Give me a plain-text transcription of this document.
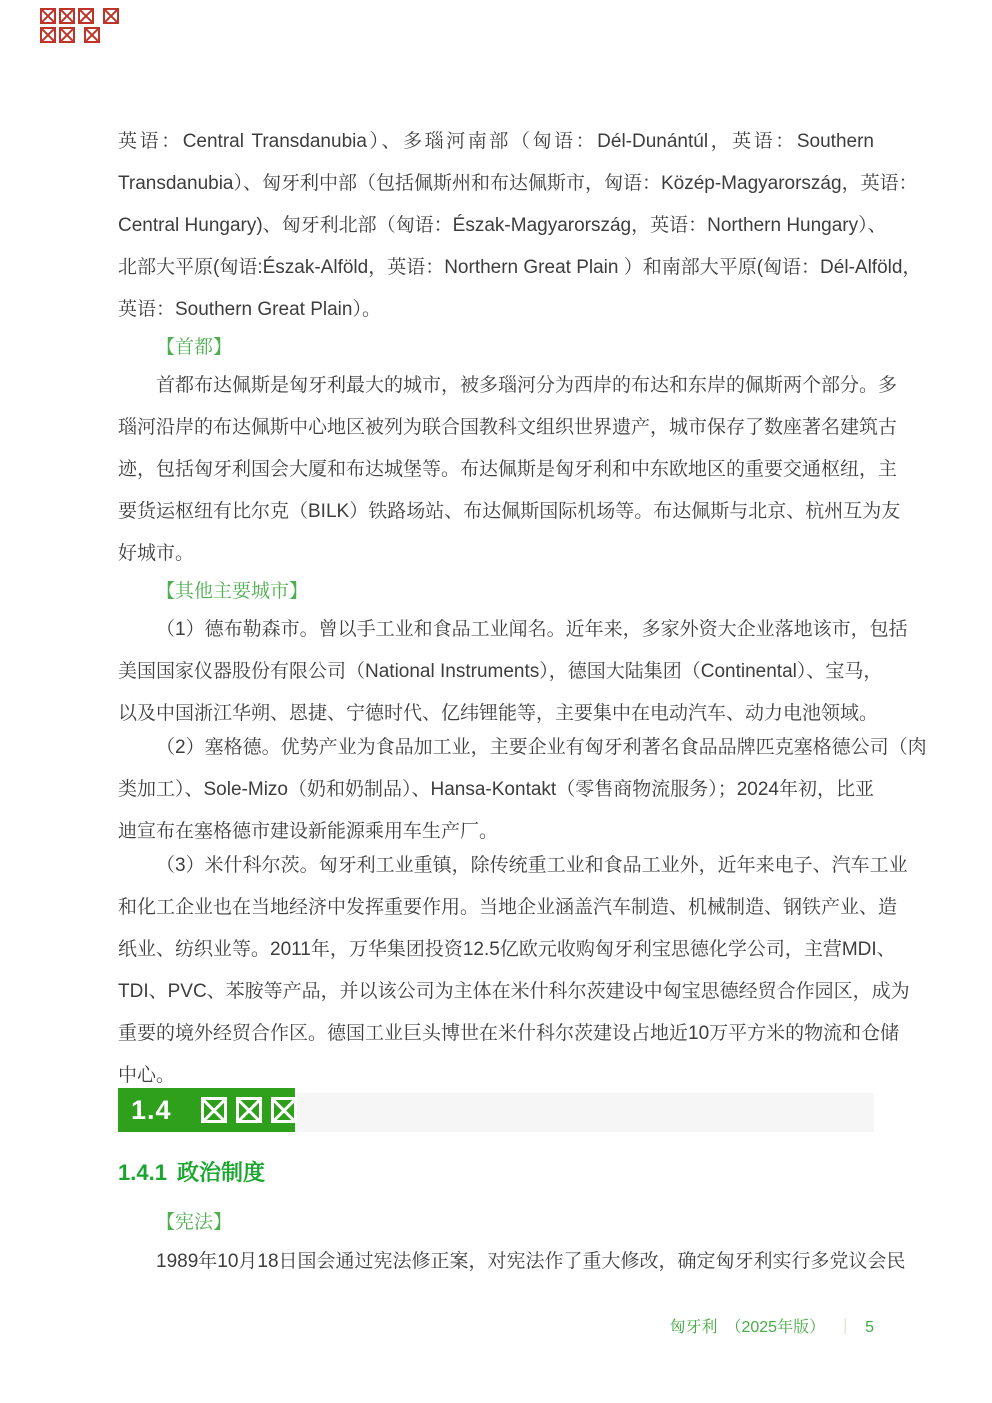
英语：Central Transdanubia）、多瑙河南部（匈语：Dél-Dunántúl，英语：Southern
Transdanubia）、匈牙利中部（包括佩斯州和布达佩斯市，匈语：Közép-Magyarország，英语：
Central Hungary)、匈牙利北部（匈语：Észak-Magyarország，英语：Northern Hungary）、
北部大平原(匈语:Észak-Alföld，英语：Northern Great Plain ）和南部大平原(匈语：Dél-Alföld，
英语：Southern Great Plain）。
【首都】
首都布达佩斯是匈牙利最大的城市，被多瑙河分为西岸的布达和东岸的佩斯两个部分。多
瑙河沿岸的布达佩斯中心地区被列为联合国教科文组织世界遗产，城市保存了数座著名建筑古
迹，包括匈牙利国会大厦和布达城堡等。布达佩斯是匈牙利和中东欧地区的重要交通枢纽，主
要货运枢纽有比尔克（BILK）铁路场站、布达佩斯国际机场等。布达佩斯与北京、杭州互为友
好城市。
【其他主要城市】
（1）德布勒森市。曾以手工业和食品工业闻名。近年来，多家外资大企业落地该市，包括
美国国家仪器股份有限公司（National Instruments），德国大陆集团（Continental）、宝马，
以及中国浙江华朔、恩捷、宁德时代、亿纬锂能等，主要集中在电动汽车、动力电池领域。
（2）塞格德。优势产业为食品加工业，主要企业有匈牙利著名食品品牌匹克塞格德公司（肉
类加工）、Sole-Mizo（奶和奶制品）、Hansa-Kontakt（零售商物流服务）；2024年初，比亚
迪宣布在塞格德市建设新能源乘用车生产厂。
（3）米什科尔茨。匈牙利工业重镇，除传统重工业和食品工业外，近年来电子、汽车工业
和化工企业也在当地经济中发挥重要作用。当地企业涵盖汽车制造、机械制造、钢铁产业、造
纸业、纺织业等。2011年，万华集团投资12.5亿欧元收购匈牙利宝思德化学公司，主营MDI、
TDI、PVC、苯胺等产品，并以该公司为主体在米什科尔茨建设中匈宝思德经贸合作园区，成为
重要的境外经贸合作区。德国工业巨头博世在米什科尔茨建设占地近10万平方米的物流和仓储
中心。
1.4
1.4.1 政治制度
【宪法】
1989年10月18日国会通过宪法修正案，对宪法作了重大修改，确定匈牙利实行多党议会民
匈牙利 （2025年版） ｜ 5
